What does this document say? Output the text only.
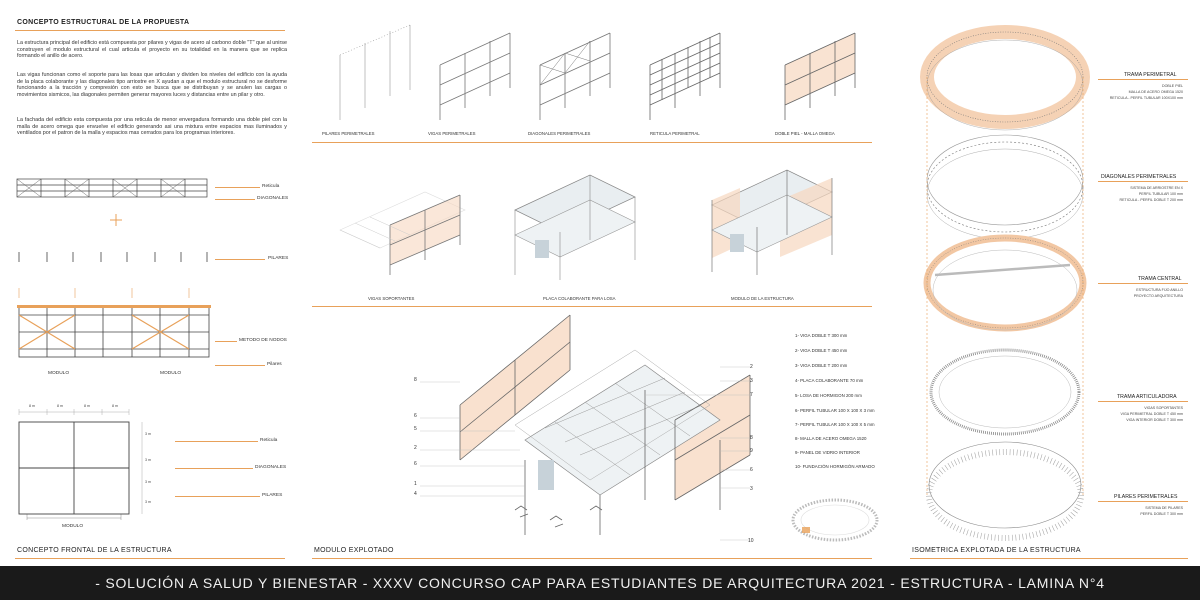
CONCEPTO ESTRUCTURAL DE LA PROPUESTA
La estructura principal del edificio está compuesta por pilares y vigas de acero al carbono doble "T" que al unirse construyen el modulo estructural el cual articula el proyecto en su totalidad en la manera que se replica formando el anillo de acero.
Las vigas funcionan como el soporte para las losas que articulan y dividen los niveles del edificio con la ayuda de la placa colaborante y las diagonales tipo arriostre en X ayudan a que el modulo estructural no se desforme funcionando a la tracción y compresión con esto se busca que se distribuyan y se anulen las cargas o movimientos sismicos, las diagonales permiten generar mayores luces y distancias entre un pilar y otro.
La fachada del edificio esta compuesta por una reticula de menor envergadura formando una doble piel con la malla de acero omega que envuelve el edificio generando asi una mixtura entre espacios mas iluminados y ventilados por el patron de la malla y espacios mas cerrados para los programas interiores.
Reticula
DIAGONALES
PILARES
METODO DE NODOS
Pilares
MODULO	MODULO
8 m	8 m	8 m	8 m
3 m
3 m
3 m
3 m
Reticula
DIAGONALES
PILARES
MODULO
CONCEPTO FRONTAL DE LA ESTRUCTURA
PILARES PERIMETRALES	VIGAS PERIMETRALES	DIAGONALES PERIMETRALES	RETICULA PERIMETRAL	DOBLE PIEL - MALLA OMEGA
VIGAS SOPORTANTES	PLACA COLABORANTE PARA LOSA	MODULO DE LA ESTRUCTURA
8
6
5
2
6
1
4
2
3
7
8
9
6
3
10
1- VIGA DOBLE T 300 mm
2- VIGA DOBLE T 450 mm
3- VIGA DOBLE T 200 mm
4- PLACA COLABORANTE 70 mm
5- LOSA DE HORMIGON 200 mm
6- PERFIL TUBULAR 100 X 100 X 3 mm
7- PERFIL TUBULAR 100 X 100 X 5 mm
8- MALLA DE ACERO OMEGA 1520
9- PANEL DE VIDRIO INTERIOR
10- FUNDACIÓN HORMIGÓN ARMADO
MODULO EXPLOTADO
TRAMA PERIMETRAL
DOBLE PIEL
MALLA DE ACERO OMEGA 1520
RETICULA - PERFIL TUBULAR 100X100 mm
DIAGONALES PERIMETRALES
SISTEMA DE ARRIOSTRE EN X
PERFIL TUBULAR 100 mm
RETICULA - PERFIL DOBLE T 200 mm
TRAMA CENTRAL
ESTRUCTURA FIJO ANILLO
PROYECTO ARQUITECTURA
TRAMA ARTICULADORA
VIGAS SOPORTANTES
VIGA PERIMETRAL DOBLE T 450 mm
VIGA INTERIOR DOBLE T 300 mm
PILARES PERIMETRALES
SISTEMA DE PILARES
PERFIL DOBLE T 300 mm
ISOMETRICA EXPLOTADA DE LA ESTRUCTURA
- SOLUCIÓN A SALUD Y BIENESTAR - XXXV CONCURSO CAP PARA ESTUDIANTES DE ARQUITECTURA 2021 - ESTRUCTURA - LAMINA N°4
